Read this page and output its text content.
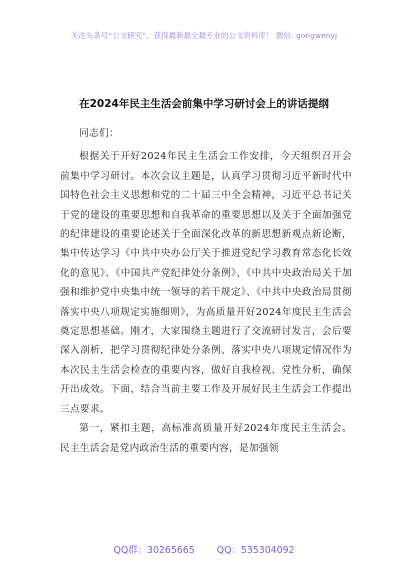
关注头条号“公文研究”，获得最新最全最专业的公文资料库！ 微信: gongwenyj
在2024年民主生活会前集中学习研讨会上的讲话提纲

同志们：

根据关于开好2024年民主生活会工作安排，今天组织召开会前集中学习研讨。本次会议主题是，认真学习贯彻习近平新时代中国特色社会主义思想和党的二十届三中全会精神，习近平总书记关于党的建设的重要思想和自我革命的重要思想以及关于全面加强党的纪律建设的重要论述关于全面深化改革的新思想新观点新论断，集中传达学习《中共中央办公厅关于推进党纪学习教育常态化长效化的意见》、《中国共产党纪律处分条例》、《中共中央政治局关于加强和维护党中央集中统一领导的若干规定》、《中共中央政治局贯彻落实中央八项规定实施细则》，为高质量开好2024年度民主生活会奠定思想基础。刚才，大家围绕主题进行了交流研讨发言，会后要深入剖析，把学习贯彻纪律处分条例、落实中央八项规定情况作为本次民主生活会检查的重要内容，做好自我检视、党性分析，确保开出成效。下面，结合当前主要工作及开展好民主生活会工作提出三点要求。

第一，紧扣主题，高标准高质量开好2024年度民主生活会。民主生活会是党内政治生活的重要内容，是加强领

QQ群：30265665 QQ：535304092
